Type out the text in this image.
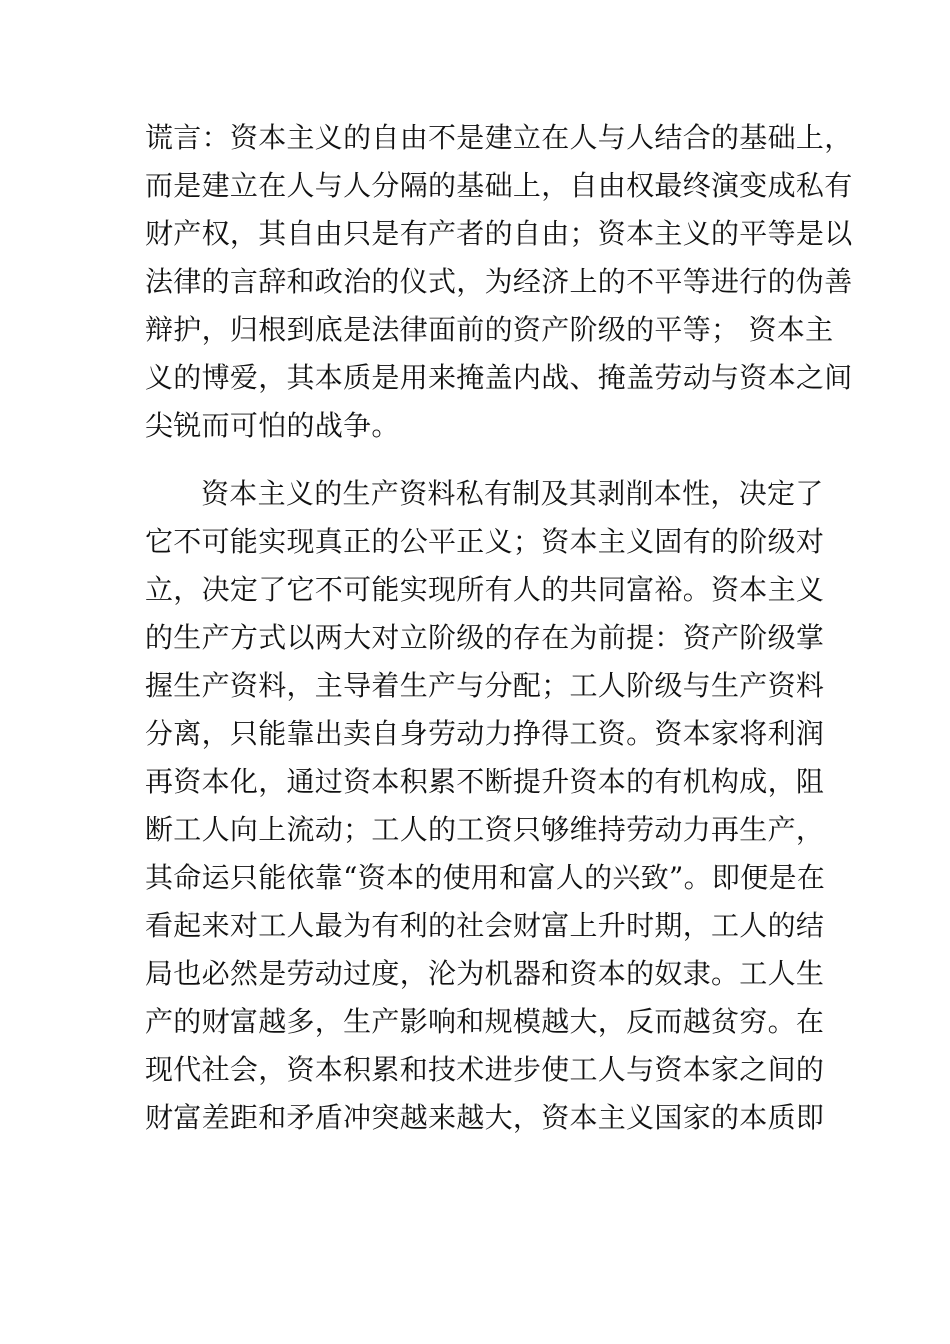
谎言：资本主义的自由不是建立在人与人结合的基础上，
而是建立在人与人分隔的基础上，自由权最终演变成私有
财产权，其自由只是有产者的自由；资本主义的平等是以
法律的言辞和政治的仪式，为经济上的不平等进行的伪善
辩护，归根到底是法律面前的资产阶级的平等； 资本主
义的博爱，其本质是用来掩盖内战、掩盖劳动与资本之间
尖锐而可怕的战争。
资本主义的生产资料私有制及其剥削本性，决定了
它不可能实现真正的公平正义；资本主义固有的阶级对
立，决定了它不可能实现所有人的共同富裕。资本主义
的生产方式以两大对立阶级的存在为前提：资产阶级掌
握生产资料，主导着生产与分配；工人阶级与生产资料
分离，只能靠出卖自身劳动力挣得工资。资本家将利润
再资本化，通过资本积累不断提升资本的有机构成，阻
断工人向上流动；工人的工资只够维持劳动力再生产，
其命运只能依靠“资本的使用和富人的兴致”。即便是在
看起来对工人最为有利的社会财富上升时期，工人的结
局也必然是劳动过度，沦为机器和资本的奴隶。工人生
产的财富越多，生产影响和规模越大，反而越贫穷。在
现代社会，资本积累和技术进步使工人与资本家之间的
财富差距和矛盾冲突越来越大，资本主义国家的本质即
